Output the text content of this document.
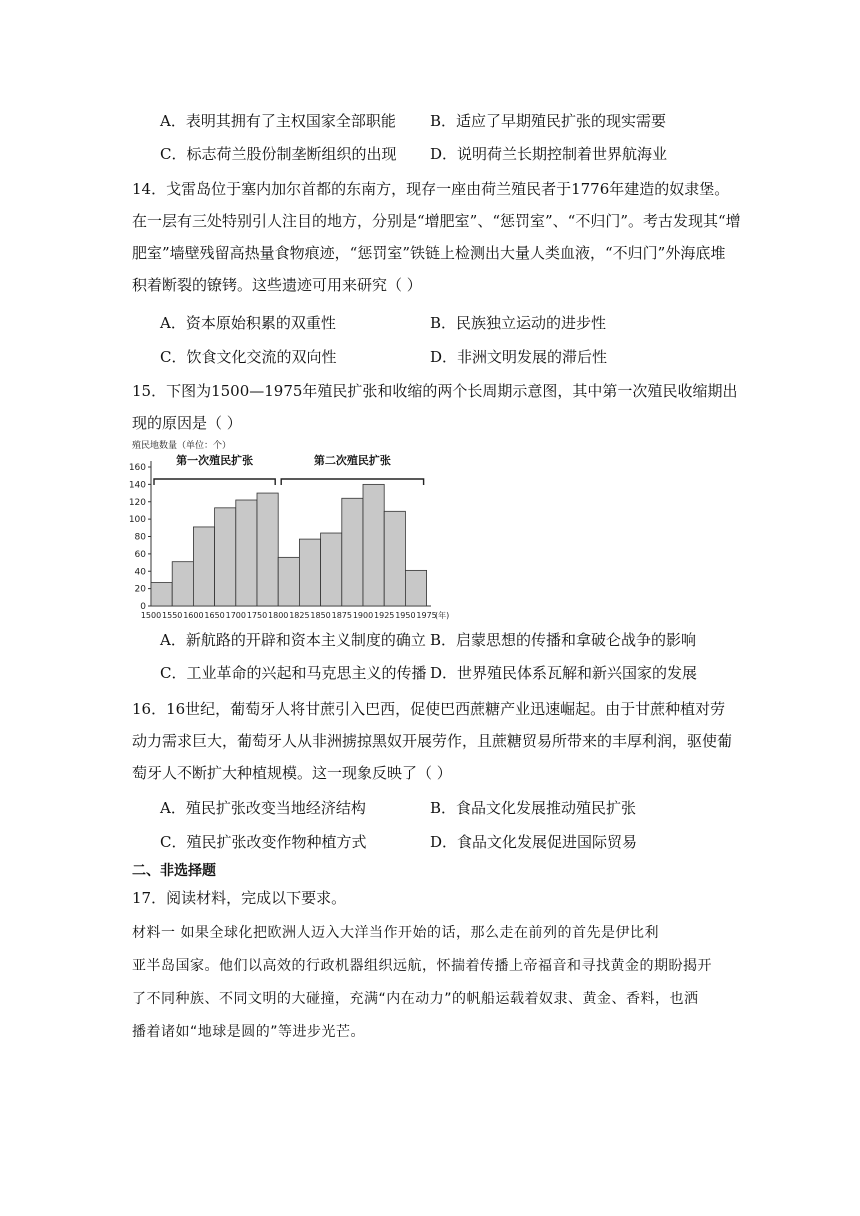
A．表明其拥有了主权国家全部职能 B．适应了早期殖民扩张的现实需要
C．标志荷兰股份制垄断组织的出现 D．说明荷兰长期控制着世界航海业
14．戈雷岛位于塞内加尔首都的东南方，现存一座由荷兰殖民者于1776年建造的奴隶堡。
在一层有三处特别引人注目的地方，分别是“增肥室”、“惩罚室”、“不归门”。考古发现其“增
肥室”墙壁残留高热量食物痕迹，“惩罚室”铁链上检测出大量人类血液，“不归门”外海底堆
积着断裂的镣铐。这些遗迹可用来研究（ ）
A．资本原始积累的双重性	B．民族独立运动的进步性
C．饮食文化交流的双向性	D．非洲文明发展的滞后性
15．下图为1500—1975年殖民扩张和收缩的两个长周期示意图，其中第一次殖民收缩期出
现的原因是（ ）
殖民地数量（单位：个）
0
20
40
60
80
100
120
140
160
1500 1550 1600 1650 1700 1750 1800 1825 1850 1875 1900 1925 1950 1975
(年)
第一次殖民扩张	第二次殖民扩张
A．新航路的开辟和资本主义制度的确立 B．启蒙思想的传播和拿破仑战争的影响
C．工业革命的兴起和马克思主义的传播 D．世界殖民体系瓦解和新兴国家的发展
16．16世纪，葡萄牙人将甘蔗引入巴西，促使巴西蔗糖产业迅速崛起。由于甘蔗种植对劳
动力需求巨大，葡萄牙人从非洲掳掠黑奴开展劳作，且蔗糖贸易所带来的丰厚利润，驱使葡
萄牙人不断扩大种植规模。这一现象反映了（ ）
A．殖民扩张改变当地经济结构	B．食品文化发展推动殖民扩张
C．殖民扩张改变作物种植方式	D．食品文化发展促进国际贸易
二、非选择题
17．阅读材料，完成以下要求。
材料一 如果全球化把欧洲人迈入大洋当作开始的话，那么走在前列的首先是伊比利
亚半岛国家。他们以高效的行政机器组织远航，怀揣着传播上帝福音和寻找黄金的期盼揭开
了不同种族、不同文明的大碰撞，充满“内在动力”的帆船运载着奴隶、黄金、香料，也洒
播着诸如“地球是圆的”等进步光芒。
